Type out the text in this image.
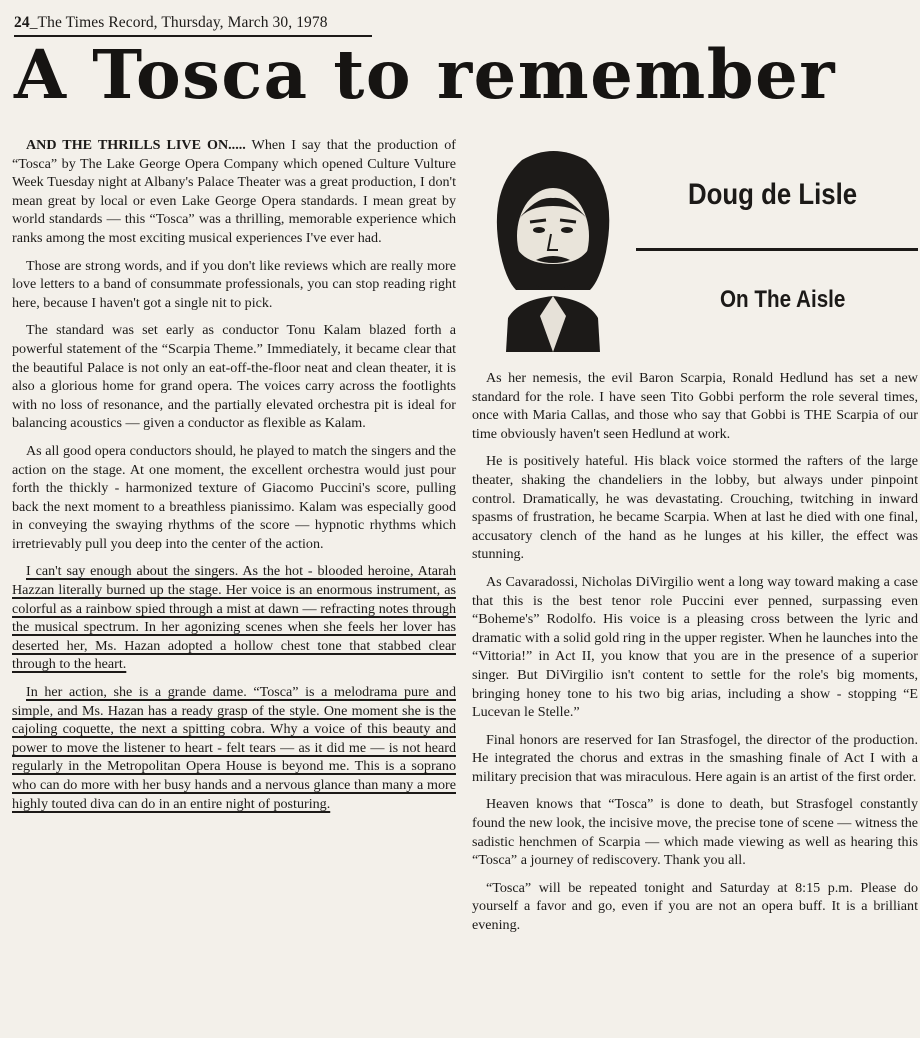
24_The Times Record, Thursday, March 30, 1978
A Tosca to remember

AND THE THRILLS LIVE ON..... When I say that the production of “Tosca” by The Lake George Opera Company which opened Culture Vulture Week Tuesday night at Albany's Palace Theater was a great production, I don't mean great by local or even Lake George Opera standards. I mean great by world standards — this “Tosca” was a thrilling, memorable experience which ranks among the most exciting musical experiences I've ever had.

Those are strong words, and if you don't like reviews which are really more love letters to a band of consummate professionals, you can stop reading right here, because I haven't got a single nit to pick.

The standard was set early as conductor Tonu Kalam blazed forth a powerful statement of the “Scarpia Theme.” Immediately, it became clear that the beautiful Palace is not only an eat-off-the-floor neat and clean theater, it is also a glorious home for grand opera. The voices carry across the footlights with no loss of resonance, and the partially elevated orchestra pit is ideal for balancing acoustics — given a conductor as flexible as Kalam.

As all good opera conductors should, he played to match the singers and the action on the stage. At one moment, the excellent orchestra would just pour forth the thickly - harmonized texture of Giacomo Puccini's score, pulling back the next moment to a breathless pianissimo. Kalam was especially good in conveying the swaying rhythms of the score — hypnotic rhythms which irretrievably pull you deep into the center of the action.

I can't say enough about the singers. As the hot - blooded heroine, Atarah Hazzan literally burned up the stage. Her voice is an enormous instrument, as colorful as a rainbow spied through a mist at dawn — refracting notes through the musical spectrum. In her agonizing scenes when she feels her lover has deserted her, Ms. Hazan adopted a hollow chest tone that stabbed clear through to the heart.

In her action, she is a grande dame. “Tosca” is a melodrama pure and simple, and Ms. Hazan has a ready grasp of the style. One moment she is the cajoling coquette, the next a spitting cobra. Why a voice of this beauty and power to move the listener to heart - felt tears — as it did me — is not heard regularly in the Metropolitan Opera House is beyond me. This is a soprano who can do more with her busy hands and a nervous glance than many a more highly touted diva can do in an entire night of posturing.

Doug de Lisle
On The Aisle

As her nemesis, the evil Baron Scarpia, Ronald Hedlund has set a new standard for the role. I have seen Tito Gobbi perform the role several times, once with Maria Callas, and those who say that Gobbi is THE Scarpia of our time obviously haven't seen Hedlund at work.

He is positively hateful. His black voice stormed the rafters of the large theater, shaking the chandeliers in the lobby, but always under pinpoint control. Dramatically, he was devastating. Crouching, twitching in inward spasms of frustration, he became Scarpia. When at last he died with one final, accusatory clench of the hand as he lunges at his killer, the effect was stunning.

As Cavaradossi, Nicholas DiVirgilio went a long way toward making a case that this is the best tenor role Puccini ever penned, surpassing even “Boheme's” Rodolfo. His voice is a pleasing cross between the lyric and dramatic with a solid gold ring in the upper register. When he launches into the “Vittoria!” in Act II, you know that you are in the presence of a superior singer. But DiVirgilio isn't content to settle for the role's big moments, bringing honey tone to his two big arias, including a show - stopping “E Lucevan le Stelle.”

Final honors are reserved for Ian Strasfogel, the director of the production. He integrated the chorus and extras in the smashing finale of Act I with a military precision that was miraculous. Here again is an artist of the first order.

Heaven knows that “Tosca” is done to death, but Strasfogel constantly found the new look, the incisive move, the precise tone of scene — witness the sadistic henchmen of Scarpia — which made viewing as well as hearing this “Tosca” a journey of rediscovery. Thank you all.

“Tosca” will be repeated tonight and Saturday at 8:15 p.m. Please do yourself a favor and go, even if you are not an opera buff. It is a brilliant evening.
